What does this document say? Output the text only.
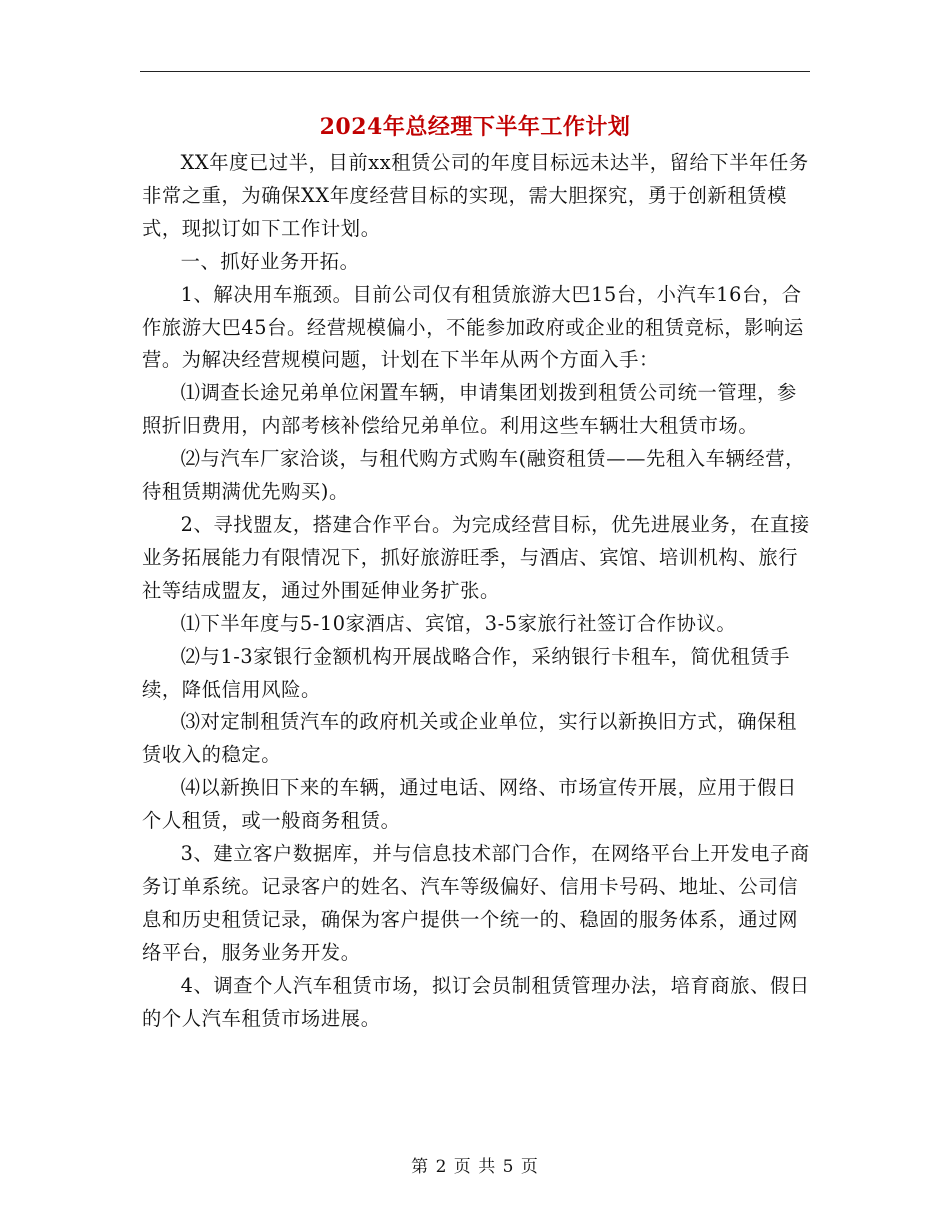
2024年总经理下半年工作计划

XX年度已过半，目前xx租赁公司的年度目标远未达半，留给下半年任务非常之重，为确保XX年度经营目标的实现，需大胆探究，勇于创新租赁模式，现拟订如下工作计划。

一、抓好业务开拓。

1、解决用车瓶颈。目前公司仅有租赁旅游大巴15台，小汽车16台，合作旅游大巴45台。经营规模偏小，不能参加政府或企业的租赁竞标，影响运营。为解决经营规模问题，计划在下半年从两个方面入手：

⑴调查长途兄弟单位闲置车辆，申请集团划拨到租赁公司统一管理，参照折旧费用，内部考核补偿给兄弟单位。利用这些车辆壮大租赁市场。

⑵与汽车厂家洽谈，与租代购方式购车(融资租赁——先租入车辆经营，待租赁期满优先购买)。

2、寻找盟友，搭建合作平台。为完成经营目标，优先进展业务，在直接业务拓展能力有限情况下，抓好旅游旺季，与酒店、宾馆、培训机构、旅行社等结成盟友，通过外围延伸业务扩张。

⑴下半年度与5-10家酒店、宾馆，3-5家旅行社签订合作协议。

⑵与1-3家银行金额机构开展战略合作，采纳银行卡租车，简优租赁手续，降低信用风险。

⑶对定制租赁汽车的政府机关或企业单位，实行以新换旧方式，确保租赁收入的稳定。

⑷以新换旧下来的车辆，通过电话、网络、市场宣传开展，应用于假日个人租赁，或一般商务租赁。

3、建立客户数据库，并与信息技术部门合作，在网络平台上开发电子商务订单系统。记录客户的姓名、汽车等级偏好、信用卡号码、地址、公司信息和历史租赁记录，确保为客户提供一个统一的、稳固的服务体系，通过网络平台，服务业务开发。

4、调查个人汽车租赁市场，拟订会员制租赁管理办法，培育商旅、假日的个人汽车租赁市场进展。

第 2 页 共 5 页
